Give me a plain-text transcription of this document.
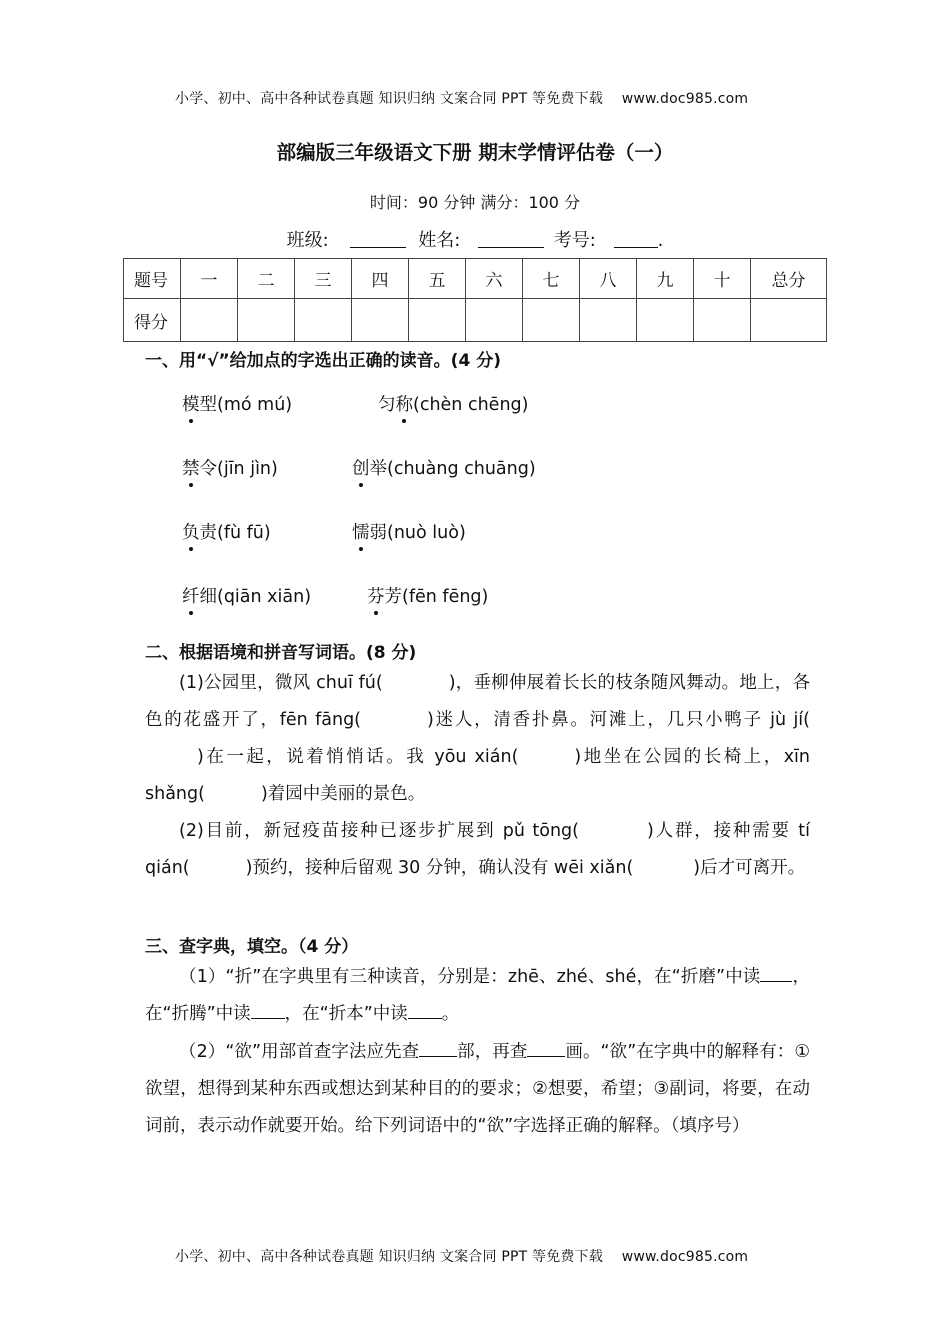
小学、初中、高中各种试卷真题 知识归纳 文案合同 PPT 等免费下载 www.doc985.com
部编版三年级语文下册 期末学情评估卷（一）
时间：90 分钟 满分：100 分
班级:	姓名:	考号:	.
题号	一	二	三	四	五	六	七	八	九	十	总分
得分											
一、用“√”给加点的字选出正确的读音。(4 分)
模型(mó mú)	匀称(chèn chēng)
禁令(jīn jìn)	创举(chuàng chuāng)
负责(fù fū)	懦弱(nuò luò)
纤细(qiān xiān)	芬芳(fēn fēng)
二、根据语境和拼音写词语。(8 分)
(1)公园里，微风 chuī fú(	)，垂柳伸展着长长的枝条随风舞动。地上，各色的花盛开了，fēn fāng(	)迷人，清香扑鼻。河滩上，几只小鸭子 jù jí()在一起，说着悄悄话。我 yōu xián(	)地坐在公园的长椅上，xīn shǎng(	)着园中美丽的景色。
(2)目前，新冠疫苗接种已逐步扩展到 pǔ tōng(	)人群，接种需要 tí qián(	)预约，接种后留观 30 分钟，确认没有 wēi xiǎn(	)后才可离开。
三、查字典，填空。（4 分）
（1）“折”在字典里有三种读音，分别是：zhē、zhé、shé，在“折磨”中读 ，在“折腾”中读 ，在“折本”中读 。
（2）“欲”用部首查字法应先查 部，再查 画。“欲”在字典中的解释有：①欲望，想得到某种东西或想达到某种目的的要求；②想要，希望；③副词，将要，在动词前，表示动作就要开始。给下列词语中的“欲”字选择正确的解释。（填序号）
小学、初中、高中各种试卷真题 知识归纳 文案合同 PPT 等免费下载 www.doc985.com
